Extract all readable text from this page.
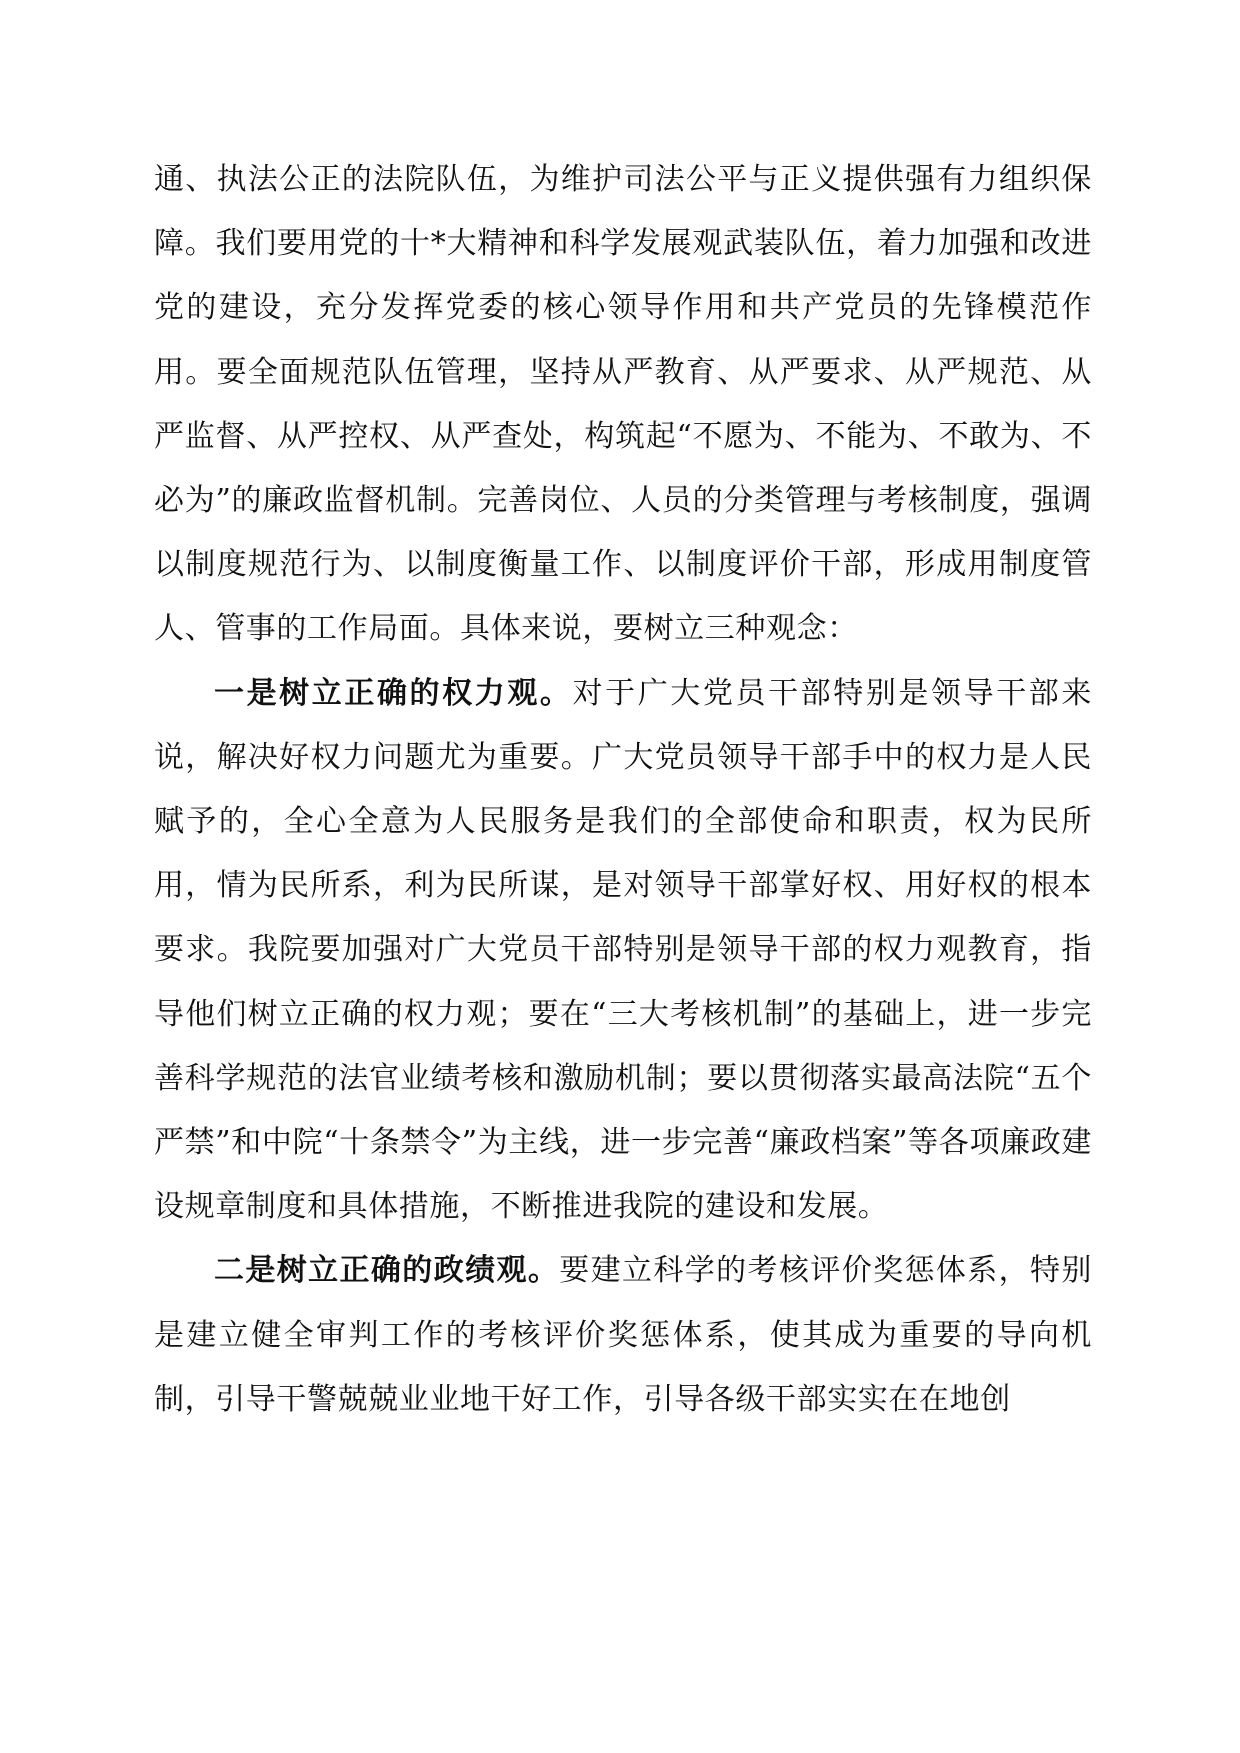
通、执法公正的法院队伍，为维护司法公平与正义提供强有力组织保障。我们要用党的十*大精神和科学发展观武装队伍，着力加强和改进党的建设，充分发挥党委的核心领导作用和共产党员的先锋模范作用。要全面规范队伍管理，坚持从严教育、从严要求、从严规范、从严监督、从严控权、从严查处，构筑起“不愿为、不能为、不敢为、不必为”的廉政监督机制。完善岗位、人员的分类管理与考核制度，强调以制度规范行为、以制度衡量工作、以制度评价干部，形成用制度管人、管事的工作局面。具体来说，要树立三种观念：

一是树立正确的权力观。对于广大党员干部特别是领导干部来说，解决好权力问题尤为重要。广大党员领导干部手中的权力是人民赋予的，全心全意为人民服务是我们的全部使命和职责，权为民所用，情为民所系，利为民所谋，是对领导干部掌好权、用好权的根本要求。我院要加强对广大党员干部特别是领导干部的权力观教育，指导他们树立正确的权力观；要在“三大考核机制”的基础上，进一步完善科学规范的法官业绩考核和激励机制；要以贯彻落实最高法院“五个严禁”和中院“十条禁令”为主线，进一步完善“廉政档案”等各项廉政建设规章制度和具体措施，不断推进我院的建设和发展。

二是树立正确的政绩观。要建立科学的考核评价奖惩体系，特别是建立健全审判工作的考核评价奖惩体系，使其成为重要的导向机制，引导干警兢兢业业地干好工作，引导各级干部实实在在地创
